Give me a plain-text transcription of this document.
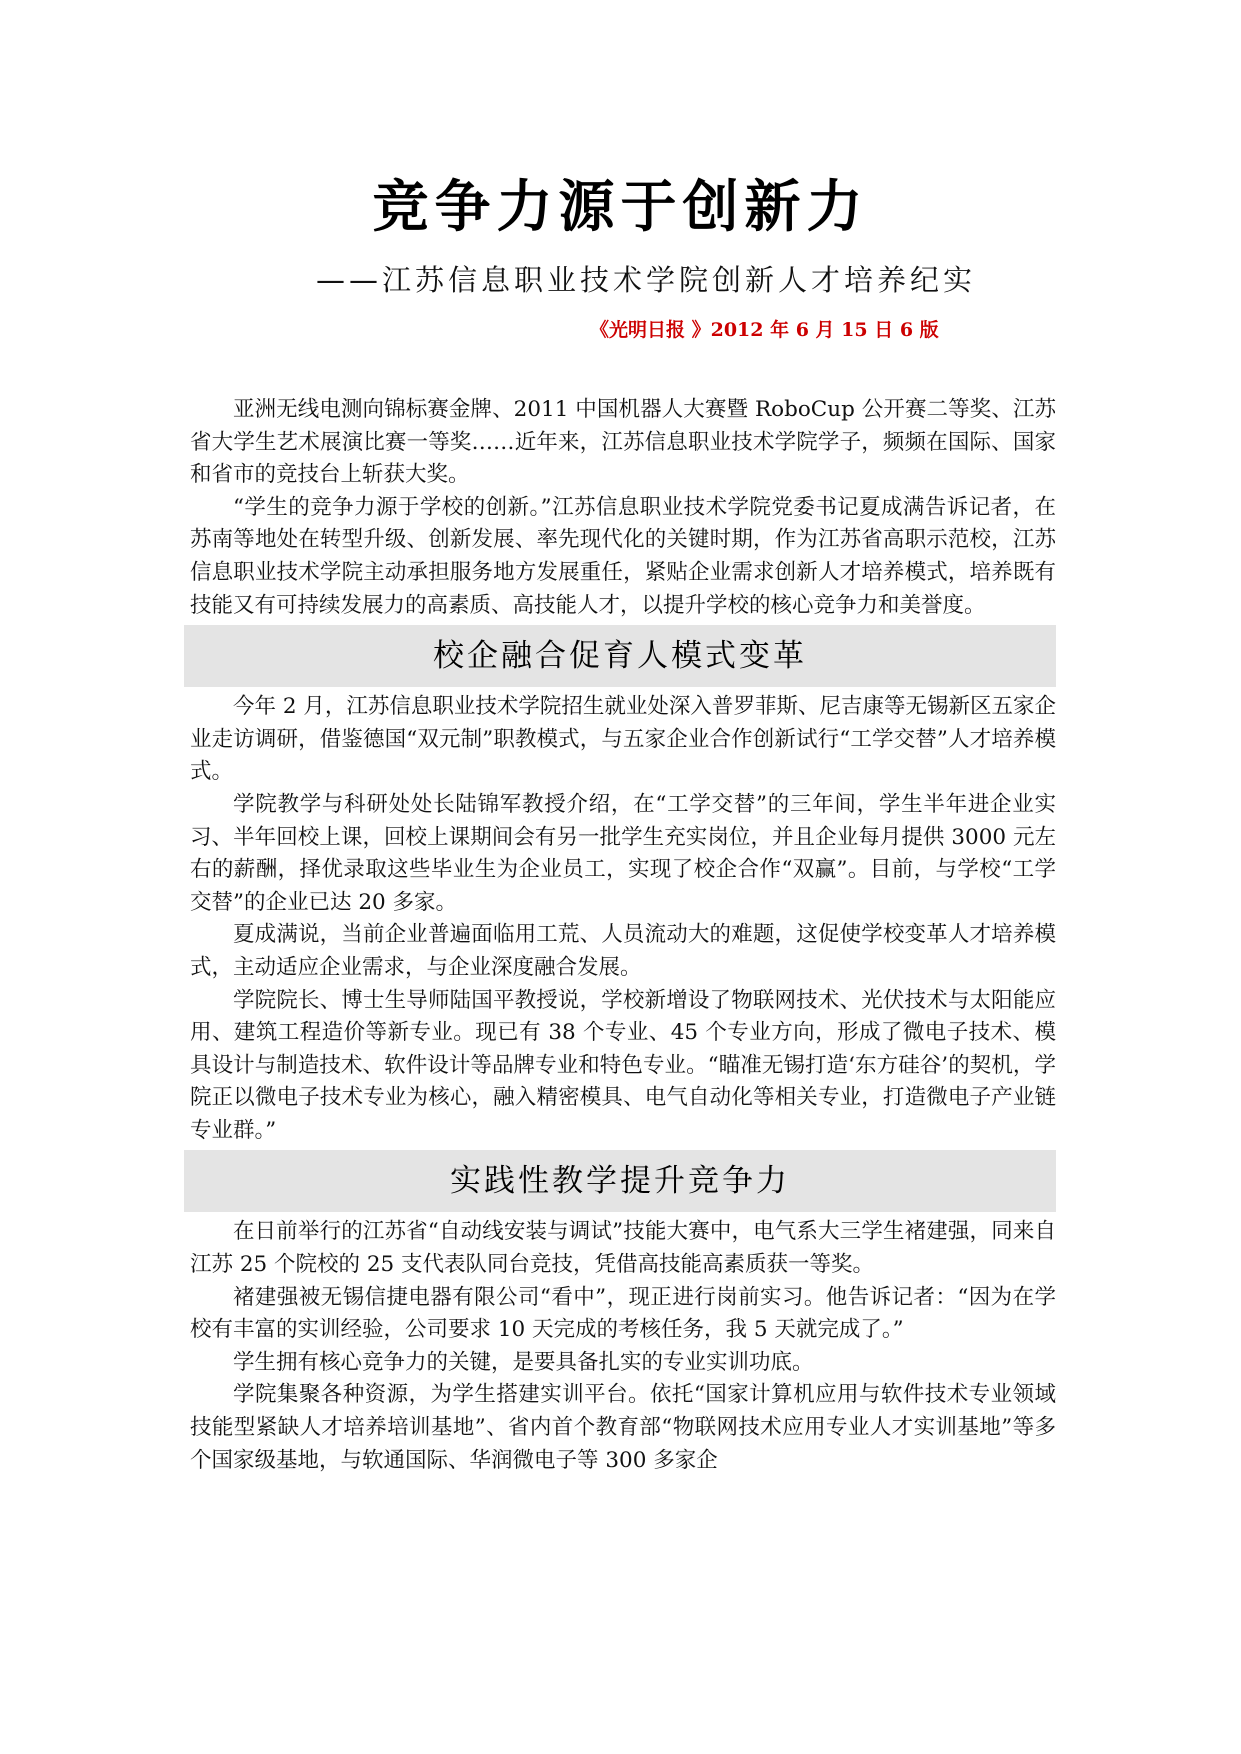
竞争力源于创新力
——江苏信息职业技术学院创新人才培养纪实
《光明日报 》2012 年 6 月 15 日 6 版

亚洲无线电测向锦标赛金牌、2011 中国机器人大赛暨 RoboCup 公开赛二等奖、江苏省大学生艺术展演比赛一等奖……近年来，江苏信息职业技术学院学子，频频在国际、国家和省市的竞技台上斩获大奖。

“学生的竞争力源于学校的创新。”江苏信息职业技术学院党委书记夏成满告诉记者，在苏南等地处在转型升级、创新发展、率先现代化的关键时期，作为江苏省高职示范校，江苏信息职业技术学院主动承担服务地方发展重任，紧贴企业需求创新人才培养模式，培养既有技能又有可持续发展力的高素质、高技能人才，以提升学校的核心竞争力和美誉度。

校企融合促育人模式变革

今年 2 月，江苏信息职业技术学院招生就业处深入普罗菲斯、尼吉康等无锡新区五家企业走访调研，借鉴德国“双元制”职教模式，与五家企业合作创新试行“工学交替”人才培养模式。

学院教学与科研处处长陆锦军教授介绍，在“工学交替”的三年间，学生半年进企业实习、半年回校上课，回校上课期间会有另一批学生充实岗位，并且企业每月提供 3000 元左右的薪酬，择优录取这些毕业生为企业员工，实现了校企合作“双赢”。目前，与学校“工学交替”的企业已达 20 多家。

夏成满说，当前企业普遍面临用工荒、人员流动大的难题，这促使学校变革人才培养模式，主动适应企业需求，与企业深度融合发展。

学院院长、博士生导师陆国平教授说，学校新增设了物联网技术、光伏技术与太阳能应用、建筑工程造价等新专业。现已有 38 个专业、45 个专业方向，形成了微电子技术、模具设计与制造技术、软件设计等品牌专业和特色专业。“瞄准无锡打造‘东方硅谷’的契机，学院正以微电子技术专业为核心，融入精密模具、电气自动化等相关专业，打造微电子产业链专业群。”

实践性教学提升竞争力

在日前举行的江苏省“自动线安装与调试”技能大赛中，电气系大三学生褚建强，同来自江苏 25 个院校的 25 支代表队同台竞技，凭借高技能高素质获一等奖。

褚建强被无锡信捷电器有限公司“看中”，现正进行岗前实习。他告诉记者：“因为在学校有丰富的实训经验，公司要求 10 天完成的考核任务，我 5 天就完成了。”

学生拥有核心竞争力的关键，是要具备扎实的专业实训功底。

学院集聚各种资源，为学生搭建实训平台。依托“国家计算机应用与软件技术专业领域技能型紧缺人才培养培训基地”、省内首个教育部“物联网技术应用专业人才实训基地”等多个国家级基地，与软通国际、华润微电子等 300 多家企
